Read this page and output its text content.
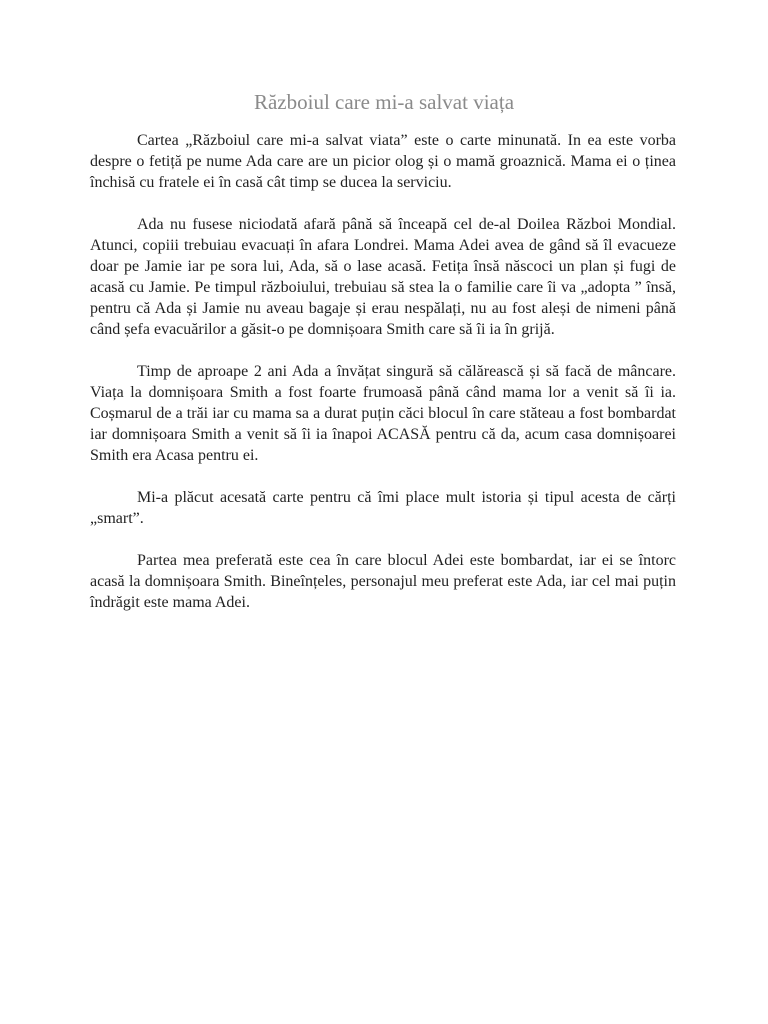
Războiul care mi-a salvat viața

Cartea „Războiul care mi-a salvat viata” este o carte minunată. In ea este vorba despre o fetiță pe nume Ada care are un picior olog și o mamă groaznică. Mama ei o ținea închisă cu fratele ei în casă cât timp se ducea la serviciu.

Ada nu fusese niciodată afară până să înceapă cel de-al Doilea Război Mondial. Atunci, copiii trebuiau evacuați în afara Londrei. Mama Adei avea de gând să îl evacueze doar pe Jamie iar pe sora lui, Ada, să o lase acasă. Fetița însă născoci un plan și fugi de acasă cu Jamie. Pe timpul războiului, trebuiau să stea la o familie care îi va „adopta ” însă, pentru că Ada și Jamie nu aveau bagaje și erau nespălați, nu au fost aleși de nimeni până când șefa evacuărilor a găsit-o pe domnișoara Smith care să îi ia în grijă.

Timp de aproape 2 ani Ada a învățat singură să călărească și să facă de mâncare. Viața la domnișoara Smith a fost foarte frumoasă până când mama lor a venit să îi ia. Coșmarul de a trăi iar cu mama sa a durat puțin căci blocul în care stăteau a fost bombardat iar domnișoara Smith a venit să îi ia înapoi ACASĂ pentru că da, acum casa domnișoarei Smith era Acasa pentru ei.

Mi-a plăcut acesată carte pentru că îmi place mult istoria și tipul acesta de cărți „smart”.

Partea mea preferată este cea în care blocul Adei este bombardat, iar ei se întorc acasă la domnișoara Smith. Bineînțeles, personajul meu preferat este Ada, iar cel mai puțin îndrăgit este mama Adei.
